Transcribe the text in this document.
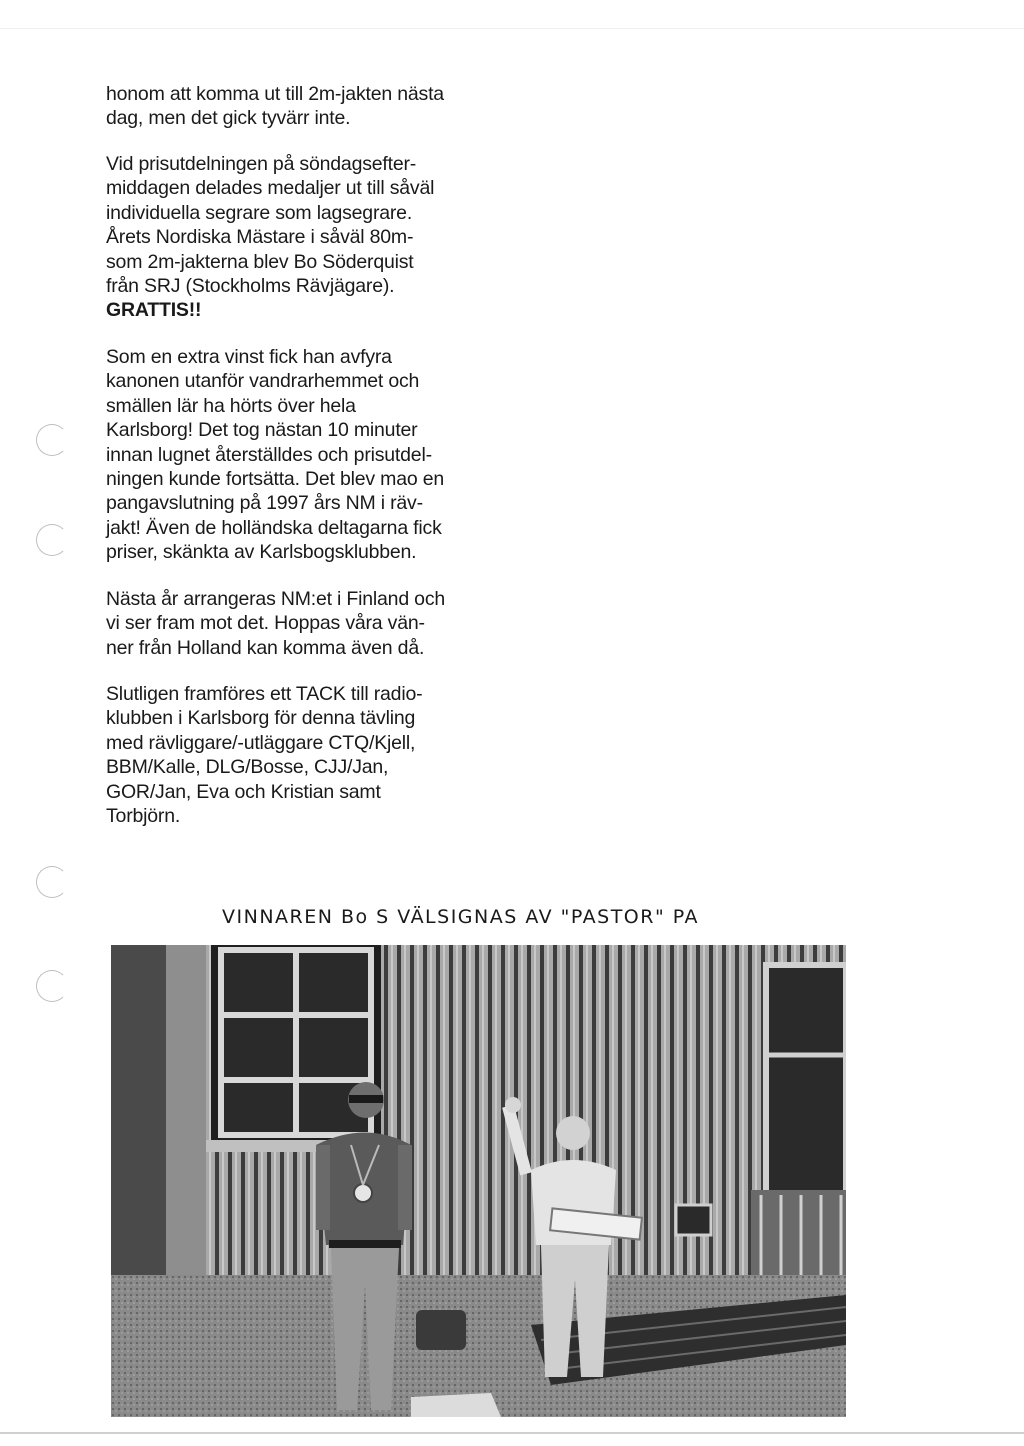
honom att komma ut till 2m-jakten nästa
dag, men det gick tyvärr inte.

Vid prisutdelningen på söndagsefter-
middagen delades medaljer ut till såväl
individuella segrare som lagsegrare.
Årets Nordiska Mästare i såväl 80m-
som 2m-jakterna blev Bo Söderquist
från SRJ (Stockholms Rävjägare).
GRATTIS!!

Som en extra vinst fick han avfyra
kanonen utanför vandrarhemmet och
smällen lär ha hörts över hela
Karlsborg! Det tog nästan 10 minuter
innan lugnet återställdes och prisutdel-
ningen kunde fortsätta. Det blev mao en
pangavslutning på 1997 års NM i räv-
jakt! Även de holländska deltagarna fick
priser, skänkta av Karlsbogsklubben.

Nästa år arrangeras NM:et i Finland och
vi ser fram mot det. Hoppas våra vän-
ner från Holland kan komma även då.

Slutligen framföres ett TACK till radio-
klubben i Karlsborg för denna tävling
med rävliggare/-utläggare CTQ/Kjell,
BBM/Kalle, DLG/Bosse, CJJ/Jan,
GOR/Jan, Eva och Kristian samt
Torbjörn.

VINNAREN Bo S VÄLSIGNAS AV "PASTOR" PA
